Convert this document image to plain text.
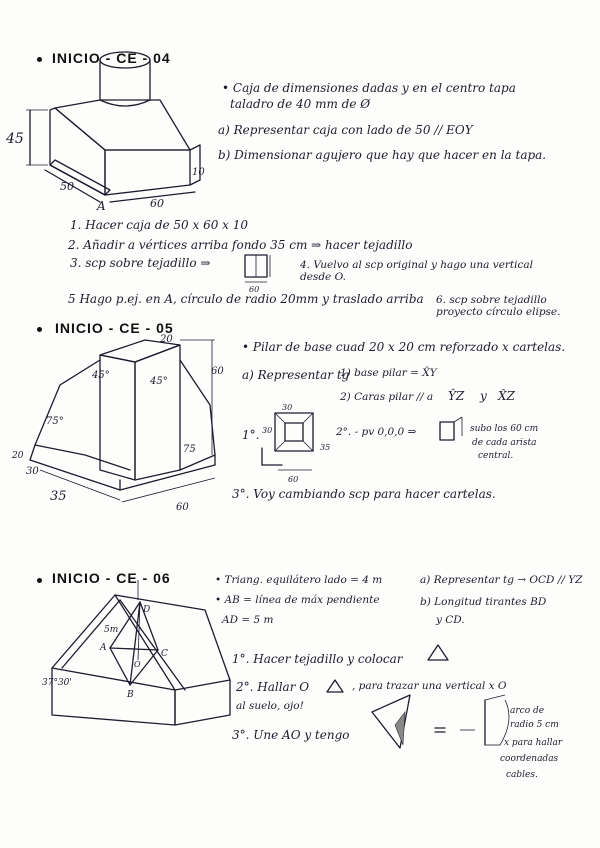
45
50
60
10
A
60
20
60
45°
45°
75°
75
20
30
35
60
30
30
35
60
D
A
B
C
O
5m
37°30'
INICIO - CE - 04
• Caja de dimensiones dadas y en el centro tapa
taladro de 40 mm de Ø
a) Representar caja con lado de 50 // EOY
b) Dimensionar agujero que hay que hacer en la tapa.
1. Hacer caja de 50 x 60 x 10
2. Añadir a vértices arriba fondo 35 cm ⇒ hacer tejadillo
3. scp sobre tejadillo ⇒	4. Vuelvo al scp original y hago una vertical desde O.
5 Hago p.ej. en A, círculo de radio 20mm y traslado arriba 6. scp sobre tejadillo proyecto círculo elipse.
INICIO - CE - 05
• Pilar de base cuad 20 x 20 cm reforzado x cartelas.
a) Representar tg
1) base pilar = X̂Y
2) Caras pilar // a ŶZ y X̂Z
1°.	2°. - pv 0,0,0 ⇒	subo los 60 cm
de cada arista
central.
3°. Voy cambiando scp para hacer cartelas.
INICIO - CE - 06	• Triang. equilátero lado = 4 m
• AB = línea de máx pendiente
AD = 5 m
a) Representar tg → OCD // YZ
b) Longitud tirantes BD
y CD.
1°. Hacer tejadillo y colocar
2°. Hallar O	, para trazar una vertical x O
al suelo, ojo!
3°. Une AO y tengo
arco de
radio 5 cm
x para hallar
coordenadas
cables.
